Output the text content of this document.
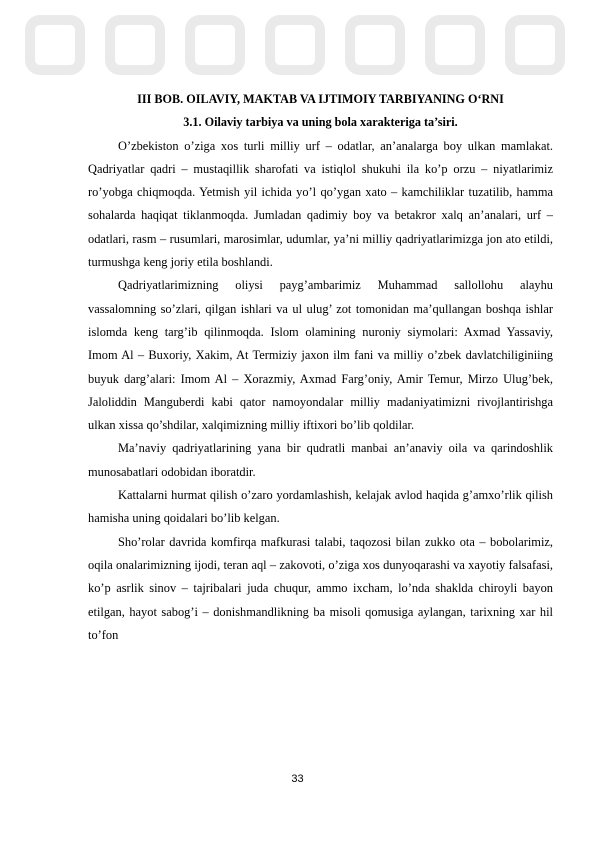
III BOB. OILAVIY, MAKTAB VA IJTIMOIY TARBIYANING O‘RNI
3.1. Oilaviy tarbiya va uning bola xarakteriga ta’siri.

O’zbekiston o’ziga xos turli milliy urf – odatlar, an’analarga boy ulkan mamlakat. Qadriyatlar qadri – mustaqillik sharofati va istiqlol shukuhi ila ko’p orzu – niyatlarimiz ro’yobga chiqmoqda. Yetmish yil ichida yo’l qo’ygan xato – kamchiliklar tuzatilib, hamma sohalarda haqiqat tiklanmoqda. Jumladan qadimiy boy va betakror xalq an’analari, urf – odatlari, rasm – rusumlari, marosimlar, udumlar, ya’ni milliy qadriyatlarimizga jon ato etildi, turmushga keng joriy etila boshlandi.

Qadriyatlarimizning oliysi payg’ambarimiz Muhammad sallollohu alayhu vassalomning so’zlari, qilgan ishlari va ul ulug’ zot tomonidan ma’qullangan boshqa ishlar islomda keng targ’ib qilinmoqda. Islom olamining nuroniy siymolari: Axmad Yassaviy, Imom Al – Buxoriy, Xakim, At Termiziy jaxon ilm fani va milliy o’zbek davlatchiliginiing buyuk darg’alari: Imom Al – Xorazmiy, Axmad Farg’oniy, Amir Temur, Mirzo Ulug’bek, Jaloliddin Manguberdi kabi qator namoyondalar milliy madaniyatimizni rivojlantirishga ulkan xissa qo’shdilar, xalqimizning milliy iftixori bo’lib qoldilar.

Ma’naviy qadriyatlarining yana bir qudratli manbai an’anaviy oila va qarindoshlik munosabatlari odobidan iboratdir.

Kattalarni hurmat qilish o’zaro yordamlashish, kelajak avlod haqida g’amxo’rlik qilish hamisha uning qoidalari bo’lib kelgan.

Sho’rolar davrida komfirqa mafkurasi talabi, taqozosi bilan zukko ota – bobolarimiz, oqila onalarimizning ijodi, teran aql – zakovoti, o’ziga xos dunyoqarashi va xayotiy falsafasi, ko’p asrlik sinov – tajribalari juda chuqur, ammo ixcham, lo’nda shaklda chiroyli bayon etilgan, hayot sabog’i – donishmandlikning ba misoli qomusiga aylangan, tarixning xar hil to’fon

33
